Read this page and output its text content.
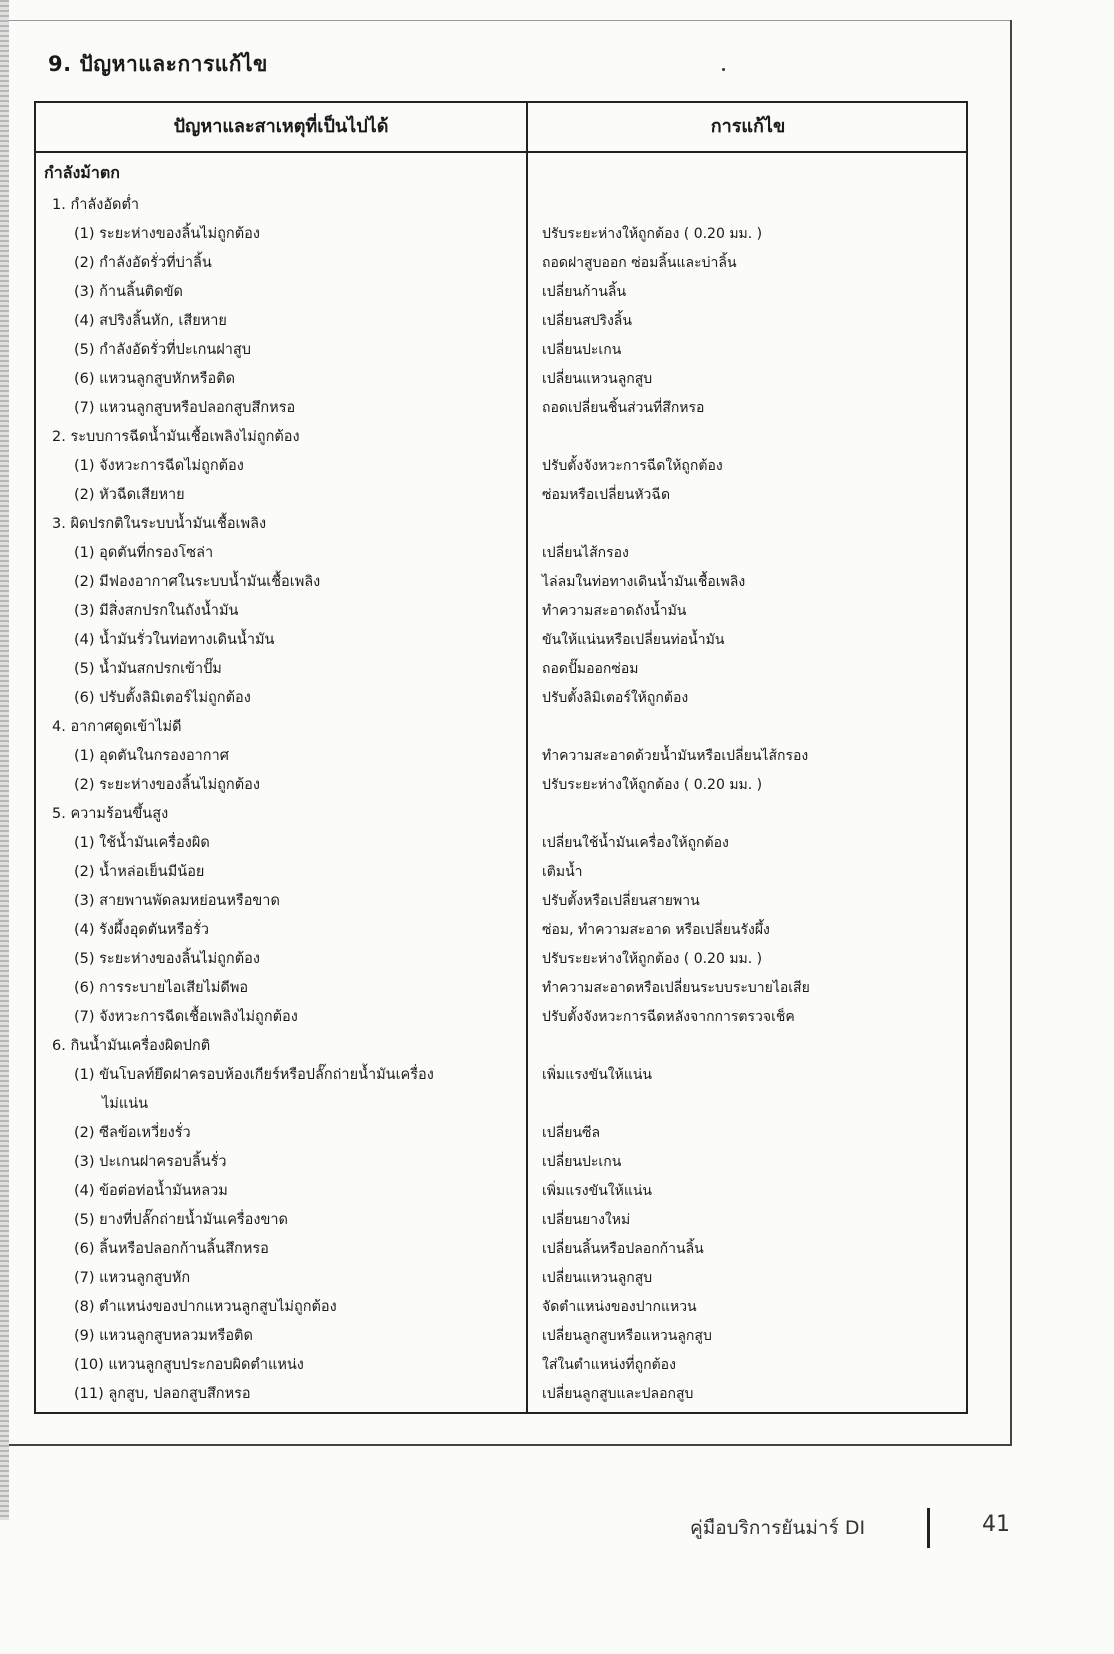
9. ปัญหาและการแก้ไข
ปัญหาและสาเหตุที่เป็นไปได้	การแก้ไข
กำลังม้าตก
1. กำลังอัดต่ำ
(1) ระยะห่างของลิ้นไม่ถูกต้อง	ปรับระยะห่างให้ถูกต้อง ( 0.20 มม. )
(2) กำลังอัดรั่วที่บ่าลิ้น	ถอดฝาสูบออก ซ่อมลิ้นและบ่าลิ้น
(3) ก้านลิ้นติดขัด	เปลี่ยนก้านลิ้น
(4) สปริงลิ้นหัก, เสียหาย	เปลี่ยนสปริงลิ้น
(5) กำลังอัดรั่วที่ปะเกนฝาสูบ	เปลี่ยนปะเกน
(6) แหวนลูกสูบหักหรือติด	เปลี่ยนแหวนลูกสูบ
(7) แหวนลูกสูบหรือปลอกสูบสึกหรอ	ถอดเปลี่ยนชิ้นส่วนที่สึกหรอ
2. ระบบการฉีดน้ำมันเชื้อเพลิงไม่ถูกต้อง
(1) จังหวะการฉีดไม่ถูกต้อง	ปรับตั้งจังหวะการฉีดให้ถูกต้อง
(2) หัวฉีดเสียหาย	ซ่อมหรือเปลี่ยนหัวฉีด
3. ผิดปรกติในระบบน้ำมันเชื้อเพลิง
(1) อุดตันที่กรองโซล่า	เปลี่ยนไส้กรอง
(2) มีฟองอากาศในระบบน้ำมันเชื้อเพลิง	ไล่ลมในท่อทางเดินน้ำมันเชื้อเพลิง
(3) มีสิ่งสกปรกในถังน้ำมัน	ทำความสะอาดถังน้ำมัน
(4) น้ำมันรั่วในท่อทางเดินน้ำมัน	ขันให้แน่นหรือเปลี่ยนท่อน้ำมัน
(5) น้ำมันสกปรกเข้าปั๊ม	ถอดปั๊มออกซ่อม
(6) ปรับตั้งลิมิเตอร์ไม่ถูกต้อง	ปรับตั้งลิมิเตอร์ให้ถูกต้อง
4. อากาศดูดเข้าไม่ดี
(1) อุดตันในกรองอากาศ	ทำความสะอาดด้วยน้ำมันหรือเปลี่ยนไส้กรอง
(2) ระยะห่างของลิ้นไม่ถูกต้อง	ปรับระยะห่างให้ถูกต้อง ( 0.20 มม. )
5. ความร้อนขึ้นสูง
(1) ใช้น้ำมันเครื่องผิด	เปลี่ยนใช้น้ำมันเครื่องให้ถูกต้อง
(2) น้ำหล่อเย็นมีน้อย	เติมน้ำ
(3) สายพานพัดลมหย่อนหรือขาด	ปรับตั้งหรือเปลี่ยนสายพาน
(4) รังผึ้งอุดตันหรือรั่ว	ซ่อม, ทำความสะอาด หรือเปลี่ยนรังผึ้ง
(5) ระยะห่างของลิ้นไม่ถูกต้อง	ปรับระยะห่างให้ถูกต้อง ( 0.20 มม. )
(6) การระบายไอเสียไม่ดีพอ	ทำความสะอาดหรือเปลี่ยนระบบระบายไอเสีย
(7) จังหวะการฉีดเชื้อเพลิงไม่ถูกต้อง	ปรับตั้งจังหวะการฉีดหลังจากการตรวจเช็ค
6. กินน้ำมันเครื่องผิดปกติ
(1) ขันโบลท์ยึดฝาครอบห้องเกียร์หรือปลั๊กถ่ายน้ำมันเครื่อง	เพิ่มแรงขันให้แน่น
ไม่แน่น
(2) ซีลข้อเหวี่ยงรั่ว	เปลี่ยนซีล
(3) ปะเกนฝาครอบลิ้นรั่ว	เปลี่ยนปะเกน
(4) ข้อต่อท่อน้ำมันหลวม	เพิ่มแรงขันให้แน่น
(5) ยางที่ปลั๊กถ่ายน้ำมันเครื่องขาด	เปลี่ยนยางใหม่
(6) ลิ้นหรือปลอกก้านลิ้นสึกหรอ	เปลี่ยนลิ้นหรือปลอกก้านลิ้น
(7) แหวนลูกสูบหัก	เปลี่ยนแหวนลูกสูบ
(8) ตำแหน่งของปากแหวนลูกสูบไม่ถูกต้อง	จัดตำแหน่งของปากแหวน
(9) แหวนลูกสูบหลวมหรือติด	เปลี่ยนลูกสูบหรือแหวนลูกสูบ
(10) แหวนลูกสูบประกอบผิดตำแหน่ง	ใส่ในตำแหน่งที่ถูกต้อง
(11) ลูกสูบ, ปลอกสูบสึกหรอ	เปลี่ยนลูกสูบและปลอกสูบ
คู่มือบริการยันม่าร์ DI	41
